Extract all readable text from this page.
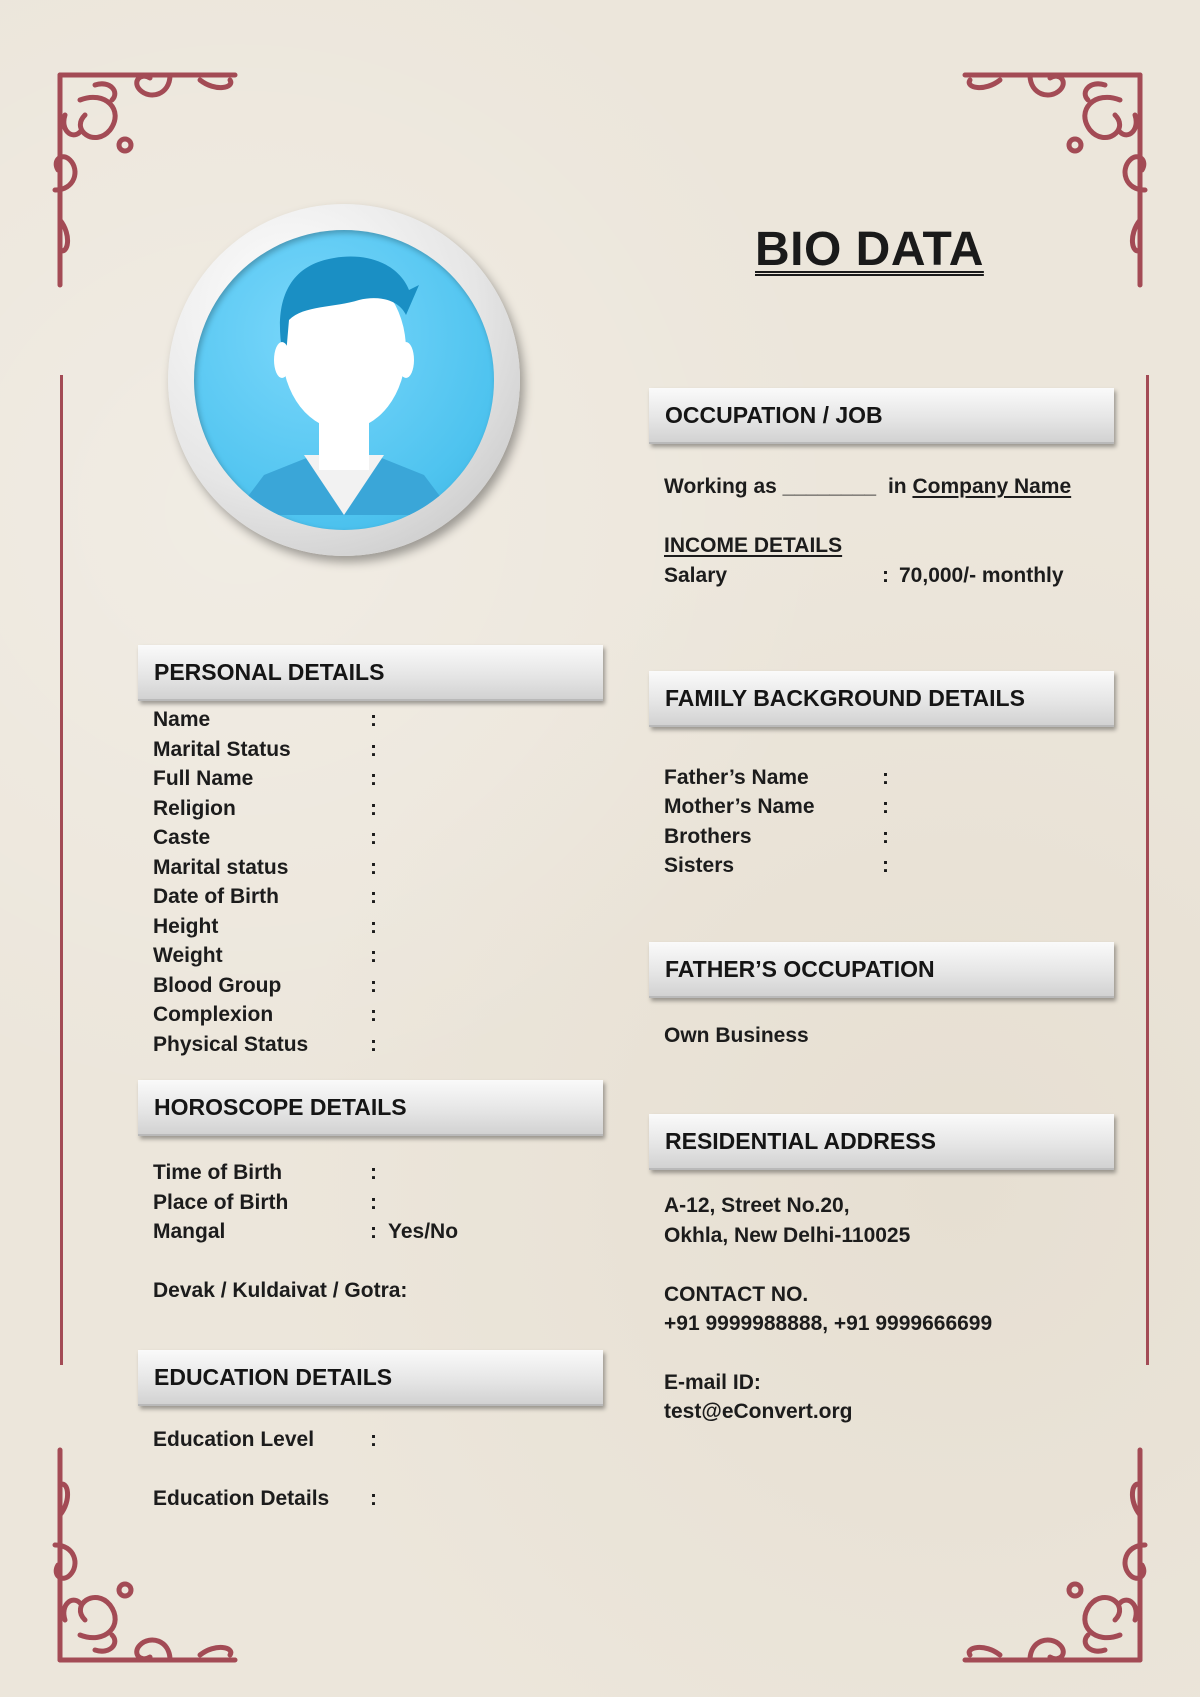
BIO DATA
PERSONAL DETAILS
Name
Marital Status
Full Name
Religion
Caste
Marital status
Date of Birth
Height
Weight
Blood Group
Complexion
Physical Status
:
:
:
:
:
:
:
:
:
:
:
:
HOROSCOPE DETAILS
Time of Birth
Place of Birth
Mangal
:
:
: Yes/No
Devak / Kuldaivat / Gotra:
EDUCATION DETAILS
Education Level
Education Details
:
:
OCCUPATION / JOB
Working as ________ in Company Name
INCOME DETAILS
Salary	: 70,000/- monthly
FAMILY BACKGROUND DETAILS
Father’s Name
Mother’s Name
Brothers
Sisters
:
:
:
:
FATHER’S OCCUPATION
Own Business
RESIDENTIAL ADDRESS
A-12, Street No.20,
Okhla, New Delhi-110025
CONTACT NO.
+91 9999988888, +91 9999666699
E-mail ID:
test@eConvert.org
